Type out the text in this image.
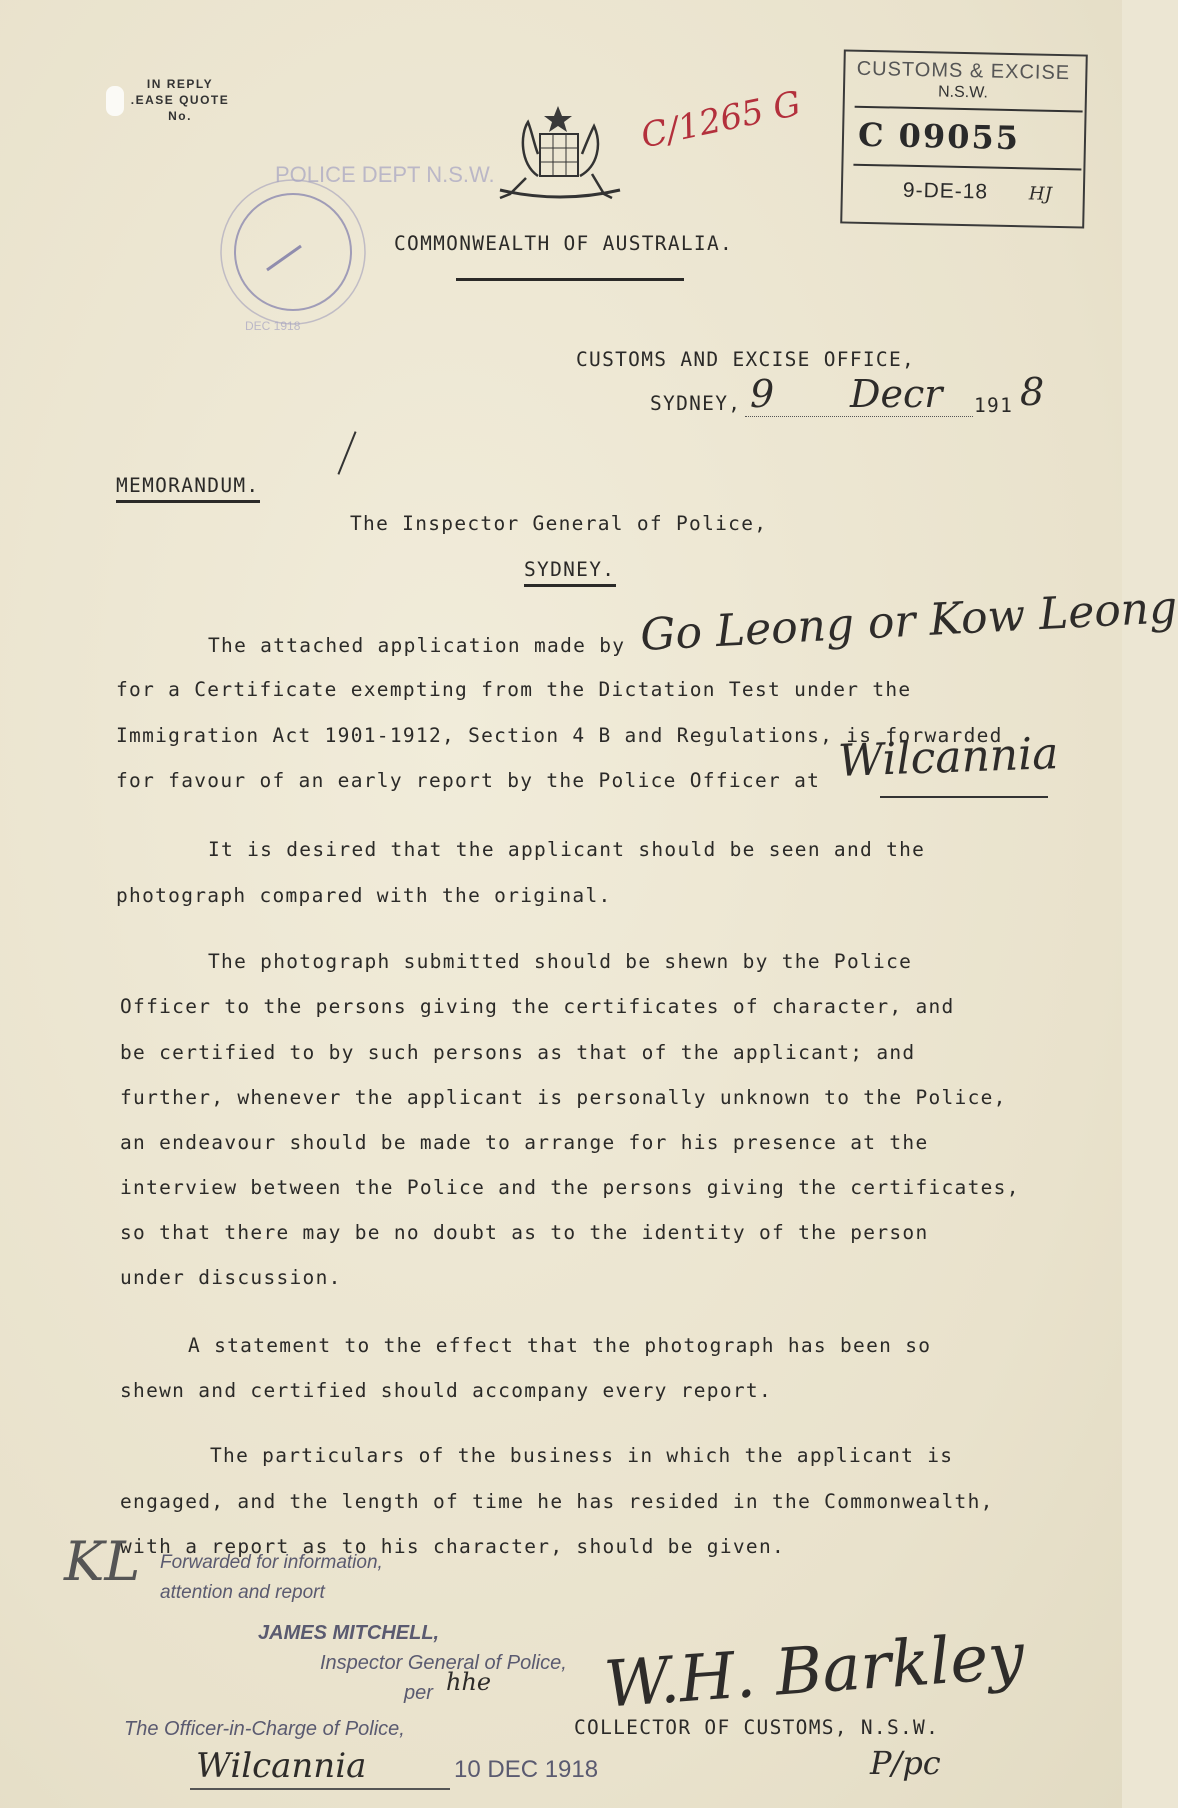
IN REPLY
.EASE QUOTE
No.
POLICE DEPT N.S.W.
DEC 1918
C/1265 G
CUSTOMS & EXCISE
N.S.W.
C 09055
9-DE-18 HJ
COMMONWEALTH OF AUSTRALIA.
CUSTOMS AND EXCISE OFFICE,
SYDNEY, 9 Decr 191 8
MEMORANDUM.
The Inspector General of Police,
SYDNEY.
The attached application made by Go Leong or Kow Leong
for a Certificate exempting from the Dictation Test under the
Immigration Act 1901-1912, Section 4 B and Regulations, is forwarded
for favour of an early report by the Police Officer at Wilcannia
It is desired that the applicant should be seen and the
photograph compared with the original.
The photograph submitted should be shewn by the Police
Officer to the persons giving the certificates of character, and
be certified to by such persons as that of the applicant; and
further, whenever the applicant is personally unknown to the Police,
an endeavour should be made to arrange for his presence at the
interview between the Police and the persons giving the certificates,
so that there may be no doubt as to the identity of the person
under discussion.
A statement to the effect that the photograph has been so
shewn and certified should accompany every report.
The particulars of the business in which the applicant is
engaged, and the length of time he has resided in the Commonwealth,
with a report as to his character, should be given.
KL Forwarded for information,
attention and report
JAMES MITCHELL,
Inspector General of Police,
per hhe
The Officer-in-Charge of Police,
Wilcannia	10 DEC 1918
W.H. Barkley
COLLECTOR OF CUSTOMS, N.S.W.
P/pc
